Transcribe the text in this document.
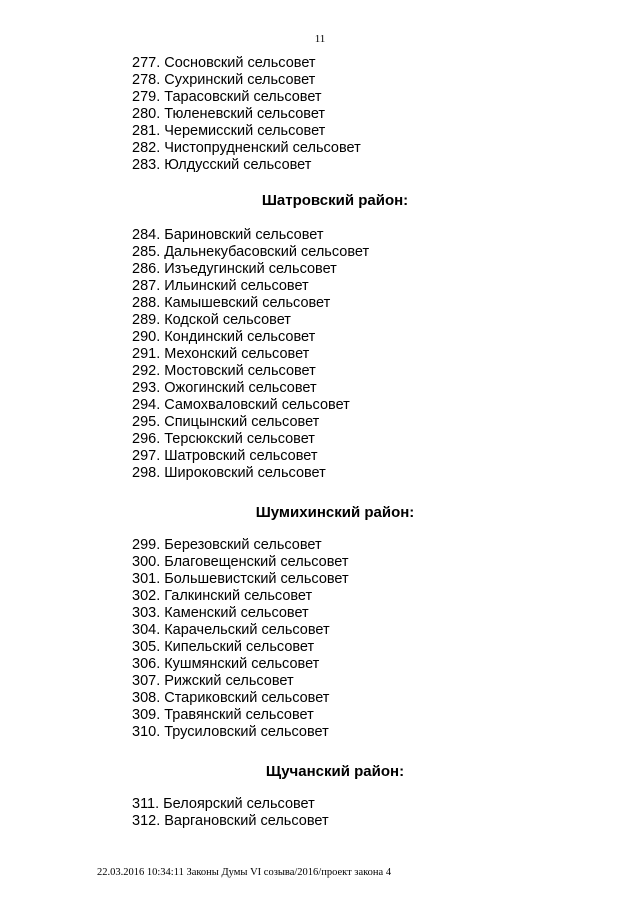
11
277. Сосновский сельсовет
278. Сухринский сельсовет
279. Тарасовский сельсовет
280. Тюленевский сельсовет
281. Черемисский сельсовет
282. Чистопрудненский сельсовет
283. Юлдусский сельсовет
Шатровский район:
284. Бариновский сельсовет
285. Дальнекубасовский сельсовет
286. Изъедугинский сельсовет
287. Ильинский сельсовет
288. Камышевский сельсовет
289. Кодской сельсовет
290. Кондинский сельсовет
291. Мехонский сельсовет
292. Мостовский сельсовет
293. Ожогинский сельсовет
294. Самохваловский сельсовет
295. Спицынский сельсовет
296. Терсюкский сельсовет
297. Шатровский сельсовет
298. Широковский сельсовет
Шумихинский район:
299. Березовский сельсовет
300. Благовещенский сельсовет
301. Большевистский сельсовет
302. Галкинский сельсовет
303. Каменский сельсовет
304. Карачельский сельсовет
305. Кипельский сельсовет
306. Кушмянский сельсовет
307. Рижский сельсовет
308. Стариковский сельсовет
309. Травянский сельсовет
310. Трусиловский сельсовет
Щучанский район:
311. Белоярский сельсовет
312. Варгановский сельсовет
22.03.2016 10:34:11 Законы Думы VI созыва/2016/проект закона 4
